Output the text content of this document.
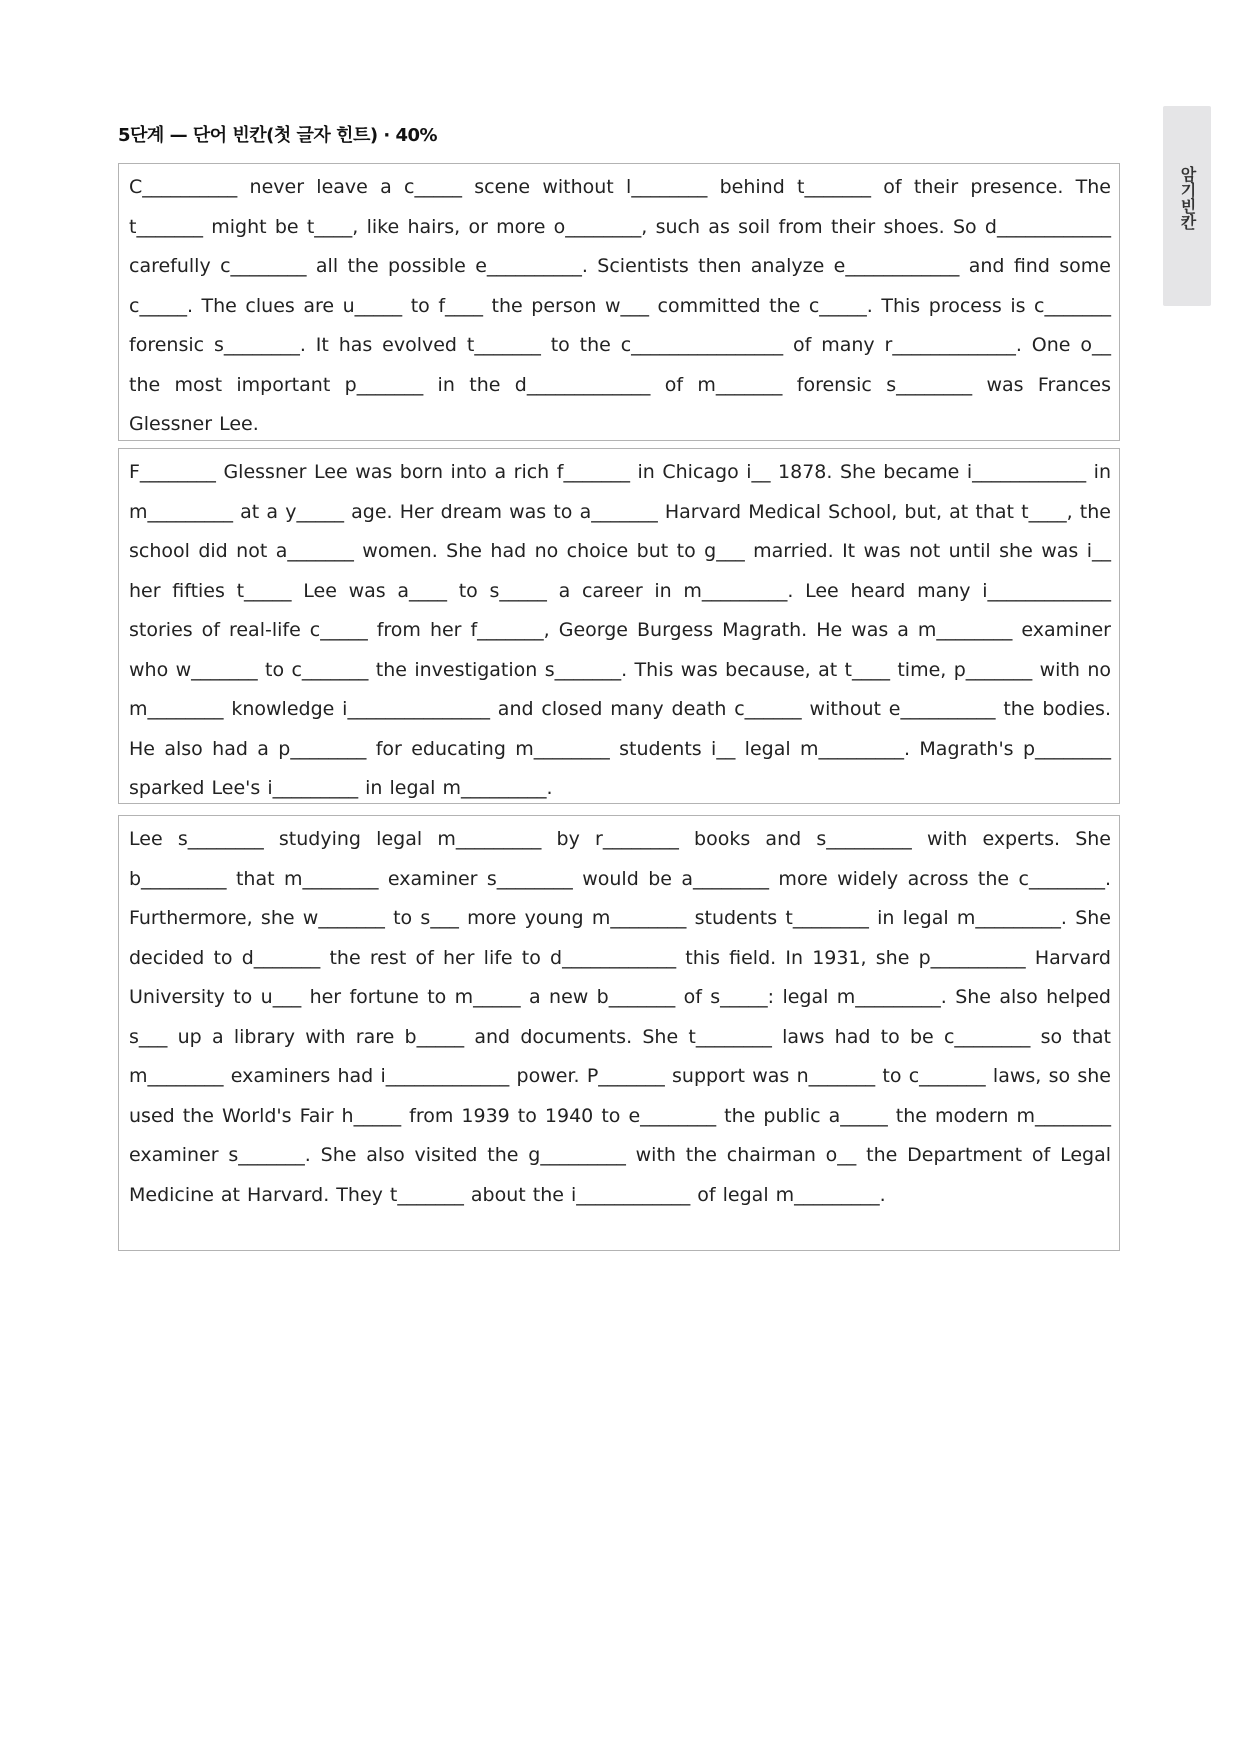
5단계 — 단어 빈칸(첫 글자 힌트) · 40%
암기빈칸

C__________ never leave a c_____ scene without l________ behind t_______ of their presence. The t_______ might be t____, like hairs, or more o________, such as soil from their shoes. So d____________ carefully c________ all the possible e__________. Scientists then analyze e____________ and find some c_____. The clues are u_____ to f____ the person w___ committed the c_____. This process is c_______ forensic s________. It has evolved t_______ to the c________________ of many r_____________. One o__ the most important p_______ in the d_____________ of m_______ forensic s________ was Frances Glessner Lee.

F________ Glessner Lee was born into a rich f_______ in Chicago i__ 1878. She became i____________ in m_________ at a y_____ age. Her dream was to a_______ Harvard Medical School, but, at that t____, the school did not a_______ women. She had no choice but to g___ married. It was not until she was i__ her fifties t_____ Lee was a____ to s_____ a career in m_________. Lee heard many i_____________ stories of real-life c_____ from her f_______, George Burgess Magrath. He was a m________ examiner who w_______ to c_______ the investigation s_______. This was because, at t____ time, p_______ with no m________ knowledge i_______________ and closed many death c______ without e__________ the bodies. He also had a p________ for educating m________ students i__ legal m_________. Magrath's p________ sparked Lee's i_________ in legal m_________.

Lee s________ studying legal m_________ by r________ books and s_________ with experts. She b_________ that m________ examiner s________ would be a________ more widely across the c________. Furthermore, she w_______ to s___ more young m________ students t________ in legal m_________. She decided to d_______ the rest of her life to d____________ this field. In 1931, she p__________ Harvard University to u___ her fortune to m_____ a new b_______ of s_____: legal m_________. She also helped s___ up a library with rare b_____ and documents. She t________ laws had to be c________ so that m________ examiners had i_____________ power. P_______ support was n_______ to c_______ laws, so she used the World's Fair h_____ from 1939 to 1940 to e________ the public a_____ the modern m________ examiner s_______. She also visited the g_________ with the chairman o__ the Department of Legal Medicine at Harvard. They t_______ about the i____________ of legal m_________.
